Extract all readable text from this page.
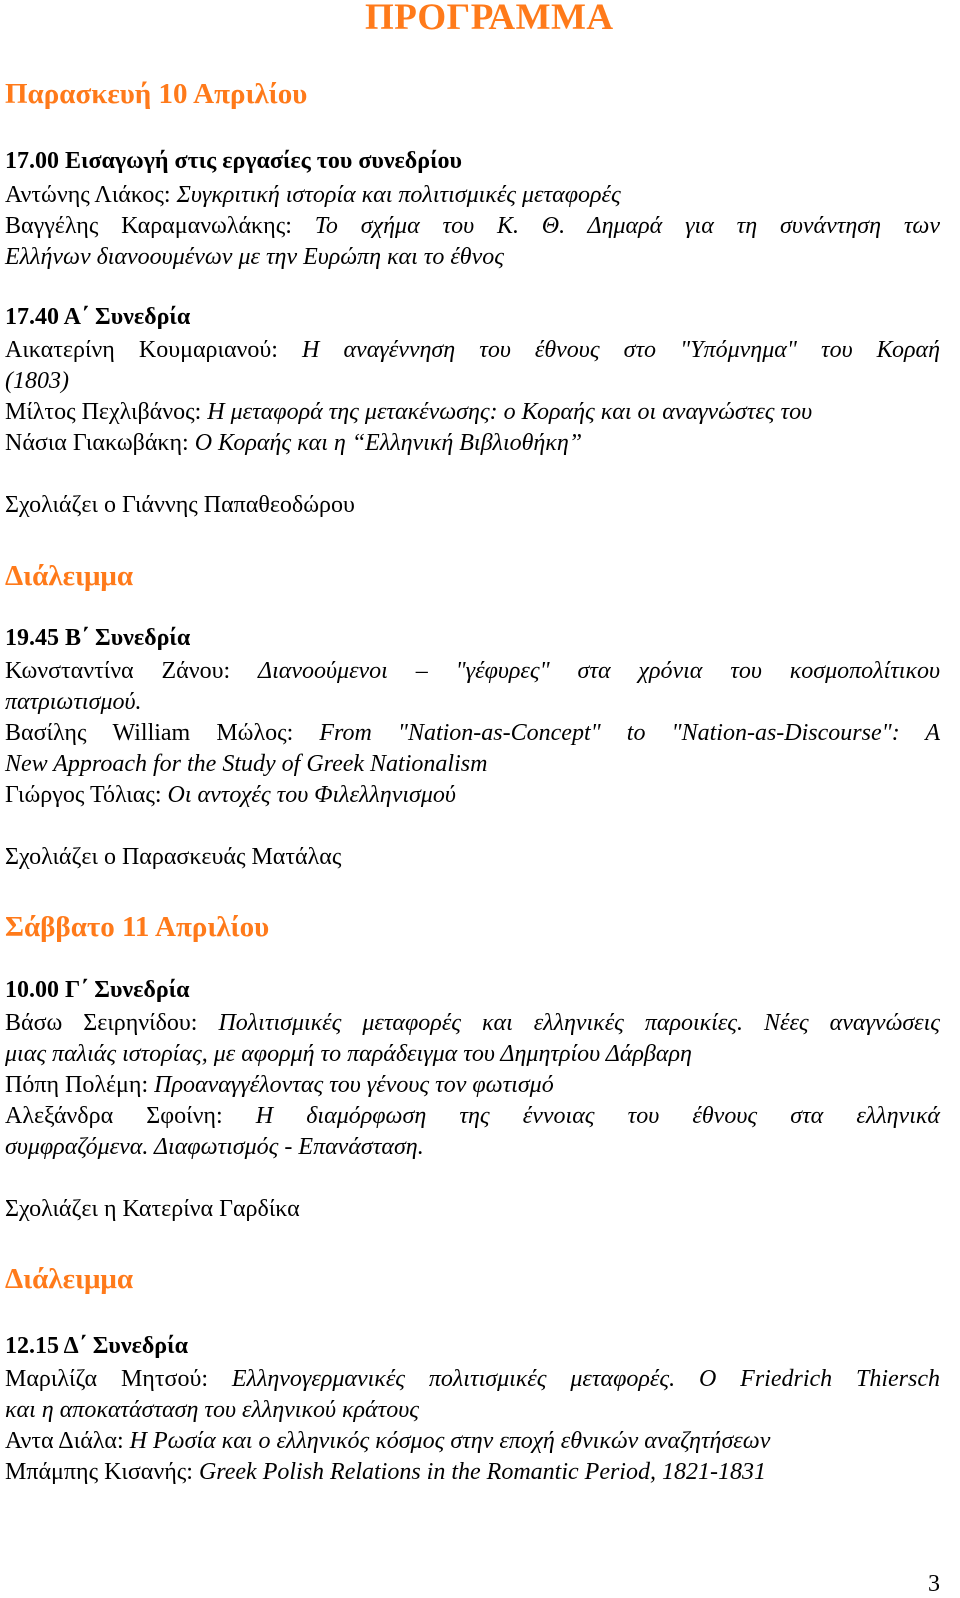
ΠΡΟΓΡΑΜΜΑ
Παρασκευή 10 Απριλίου
17.00 Εισαγωγή στις εργασίες του συνεδρίου
Αντώνης Λιάκος: Συγκριτική ιστορία και πολιτισμικές μεταφορές
Βαγγέλης Καραμανωλάκης: Το σχήμα του Κ. Θ. Δημαρά για τη συνάντηση των
Ελλήνων διανοουμένων με την Ευρώπη και το έθνος
17.40 Α΄ Συνεδρία
Αικατερίνη Κουμαριανού: Η αναγέννηση του έθνους στο "Υπόμνημα" του Κοραή
(1803)
Μίλτος Πεχλιβάνος: Η μεταφορά της μετακένωσης: ο Κοραής και οι αναγνώστες του
Νάσια Γιακωβάκη: Ο Κοραής και η “Ελληνική Βιβλιοθήκη”
Σχολιάζει ο Γιάννης Παπαθεοδώρου
Διάλειμμα
19.45 Β΄ Συνεδρία
Κωνσταντίνα Ζάνου: Διανοούμενοι – "γέφυρες" στα χρόνια του κοσμοπολίτικου
πατριωτισμού.
Βασίλης William Μώλος: From "Nation-as-Concept" to "Nation-as-Discourse": A
New Approach for the Study of Greek Nationalism
Γιώργος Τόλιας: Οι αντοχές του Φιλελληνισμού
Σχολιάζει ο Παρασκευάς Ματάλας
Σάββατο 11 Απριλίου
10.00 Γ΄ Συνεδρία
Βάσω Σειρηνίδου: Πολιτισμικές μεταφορές και ελληνικές παροικίες. Νέες αναγνώσεις
μιας παλιάς ιστορίας, με αφορμή το παράδειγμα του Δημητρίου Δάρβαρη
Πόπη Πολέμη: Προαναγγέλοντας του γένους τον φωτισμό
Αλεξάνδρα Σφοίνη: Η διαμόρφωση της έννοιας του έθνους στα ελληνικά
συμφραζόμενα. Διαφωτισμός - Επανάσταση.
Σχολιάζει η Κατερίνα Γαρδίκα
Διάλειμμα
12.15 Δ΄ Συνεδρία
Μαριλίζα Μητσού: Ελληνογερμανικές πολιτισμικές μεταφορές. Ο Friedrich Thiersch
και η αποκατάσταση του ελληνικού κράτους
Αντα Διάλα: Η Ρωσία και ο ελληνικός κόσμος στην εποχή εθνικών αναζητήσεων
Μπάμπης Κισανής: Greek Polish Relations in the Romantic Period, 1821-1831
3
